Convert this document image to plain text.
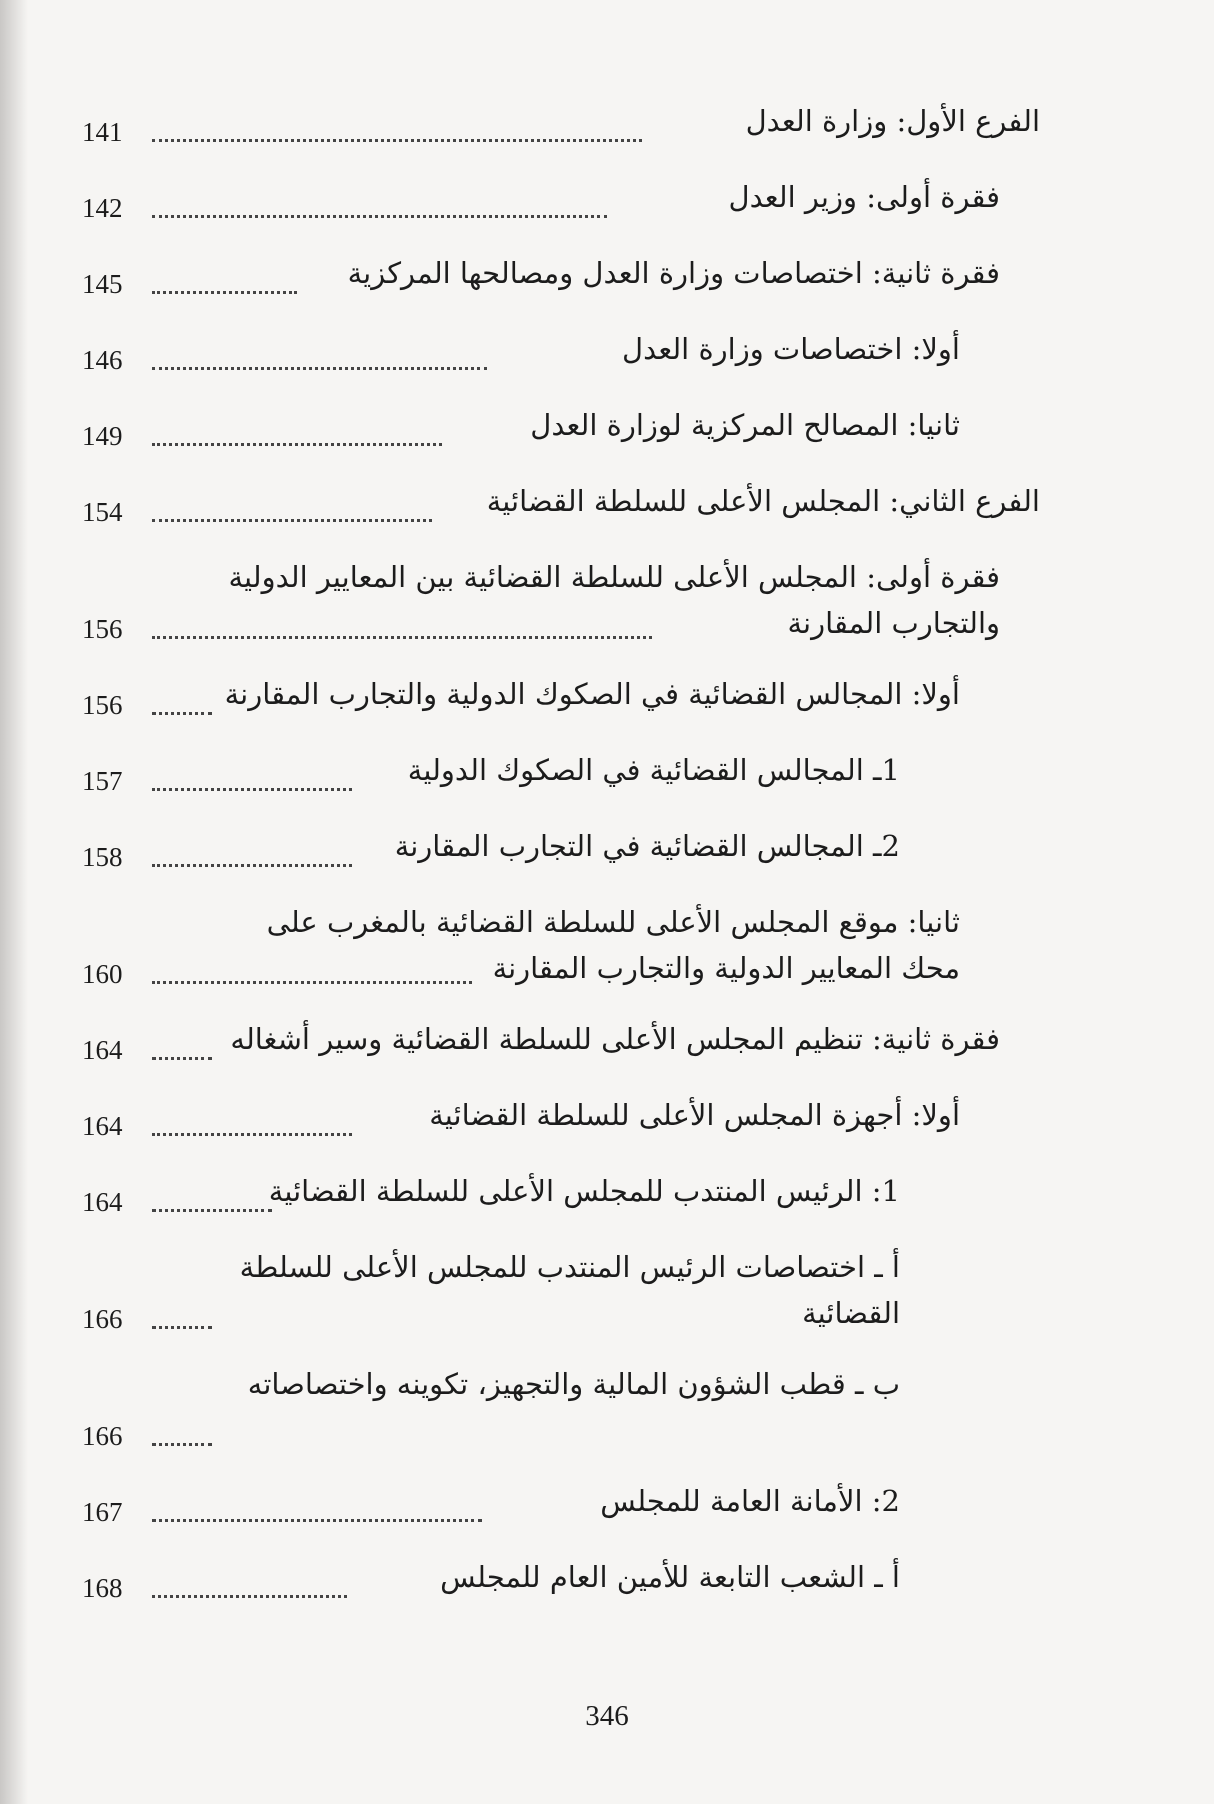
الفرع الأول: وزارة العدل
141
فقرة أولى: وزير العدل
142
فقرة ثانية: اختصاصات وزارة العدل ومصالحها المركزية
145
أولا: اختصاصات وزارة العدل
146
ثانيا: المصالح المركزية لوزارة العدل
149
الفرع الثاني: المجلس الأعلى للسلطة القضائية
154
فقرة أولى: المجلس الأعلى للسلطة القضائية بين المعايير الدولية والتجارب المقارنة
156
أولا: المجالس القضائية في الصكوك الدولية والتجارب المقارنة
156
1ـ المجالس القضائية في الصكوك الدولية
157
2ـ المجالس القضائية في التجارب المقارنة
158
ثانيا: موقع المجلس الأعلى للسلطة القضائية بالمغرب على محك المعايير الدولية والتجارب المقارنة
160
فقرة ثانية: تنظيم المجلس الأعلى للسلطة القضائية وسير أشغاله
164
أولا: أجهزة المجلس الأعلى للسلطة القضائية
164
1: الرئيس المنتدب للمجلس الأعلى للسلطة القضائية
164
أ ـ اختصاصات الرئيس المنتدب للمجلس الأعلى للسلطة القضائية
166
ب ـ قطب الشؤون المالية والتجهيز، تكوينه واختصاصاته
166
2: الأمانة العامة للمجلس
167
أ ـ الشعب التابعة للأمين العام للمجلس
168
346
